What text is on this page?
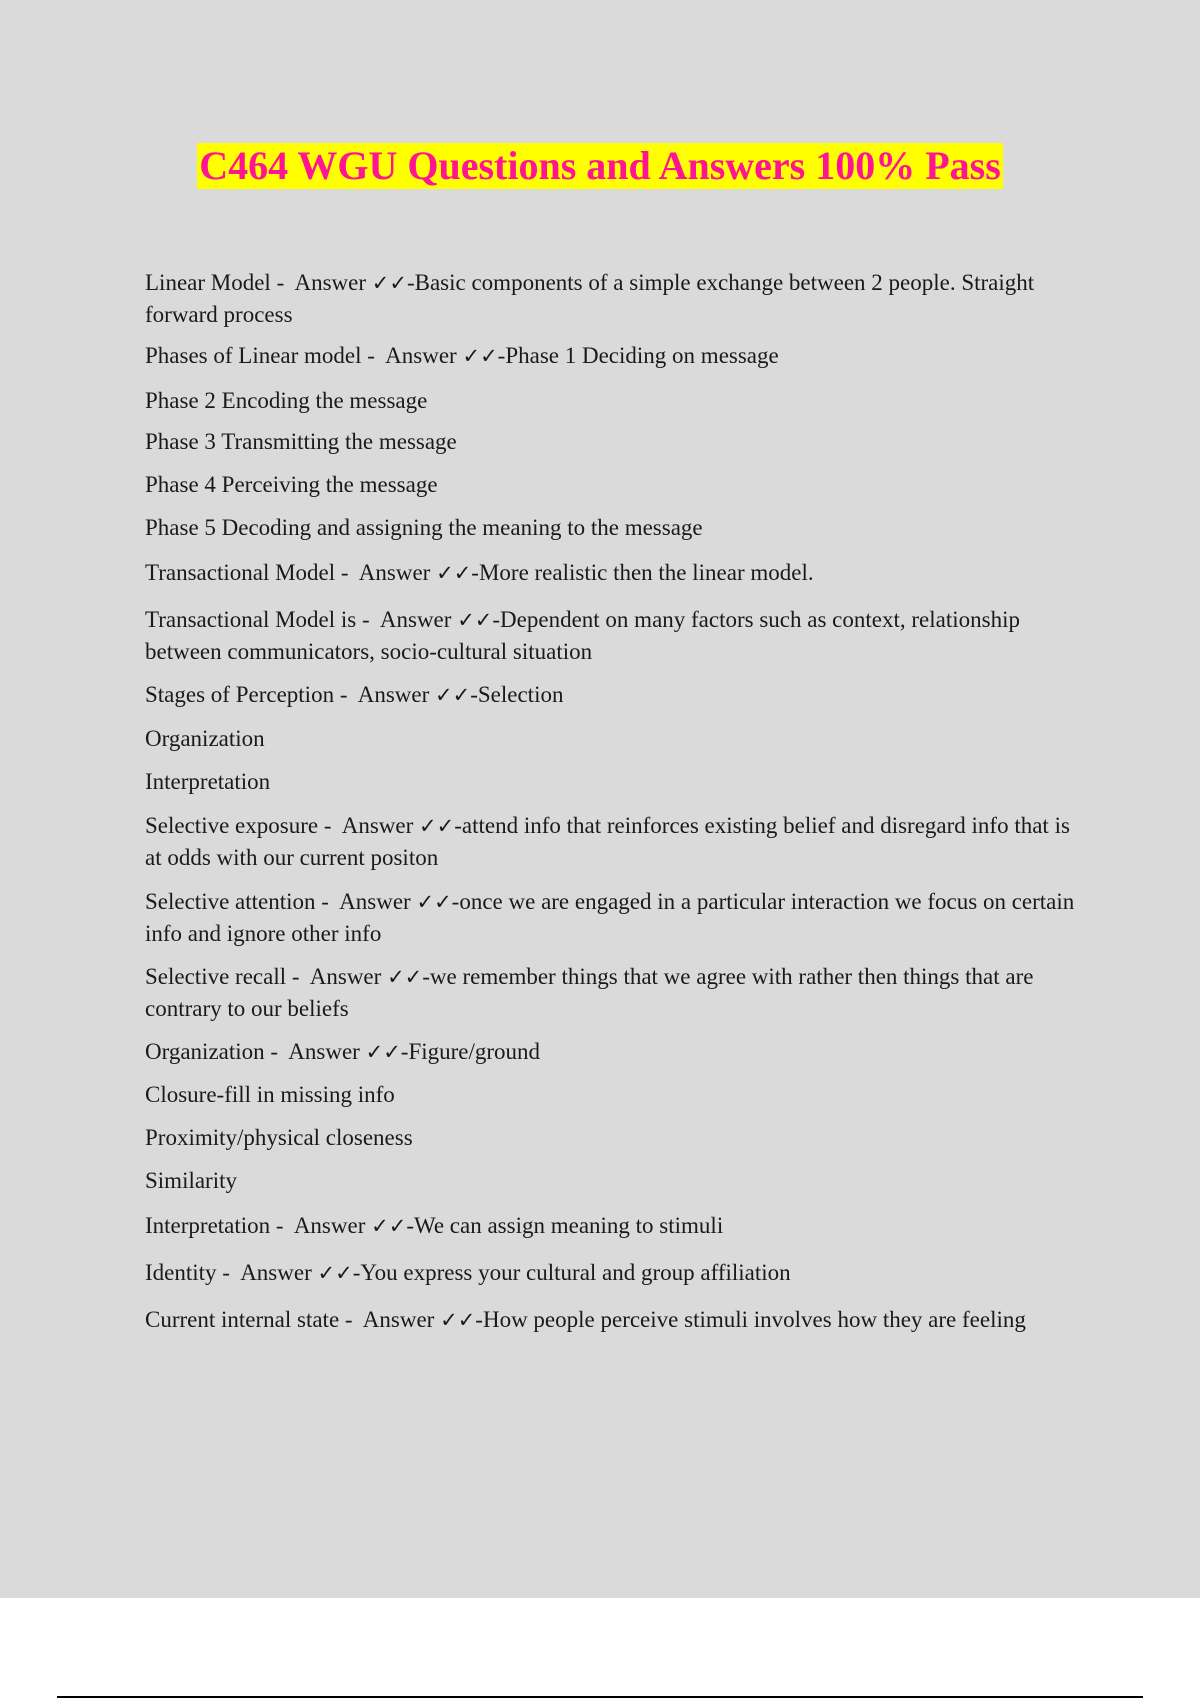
C464 WGU Questions and Answers 100% Pass

Linear Model -  Answer ✓✓-Basic components of a simple exchange between 2 people. Straight forward process

Phases of Linear model -  Answer ✓✓-Phase 1 Deciding on message

Phase 2 Encoding the message

Phase 3 Transmitting the message

Phase 4 Perceiving the message

Phase 5 Decoding and assigning the meaning to the message

Transactional Model -  Answer ✓✓-More realistic then the linear model.

Transactional Model is -  Answer ✓✓-Dependent on many factors such as context, relationship between communicators, socio-cultural situation

Stages of Perception -  Answer ✓✓-Selection

Organization

Interpretation

Selective exposure -  Answer ✓✓-attend info that reinforces existing belief and disregard info that is at odds with our current positon

Selective attention -  Answer ✓✓-once we are engaged in a particular interaction we focus on certain info and ignore other info

Selective recall -  Answer ✓✓-we remember things that we agree with rather then things that are contrary to our beliefs

Organization -  Answer ✓✓-Figure/ground

Closure-fill in missing info

Proximity/physical closeness

Similarity

Interpretation -  Answer ✓✓-We can assign meaning to stimuli

Identity -  Answer ✓✓-You express your cultural and group affiliation

Current internal state -  Answer ✓✓-How people perceive stimuli involves how they are feeling
